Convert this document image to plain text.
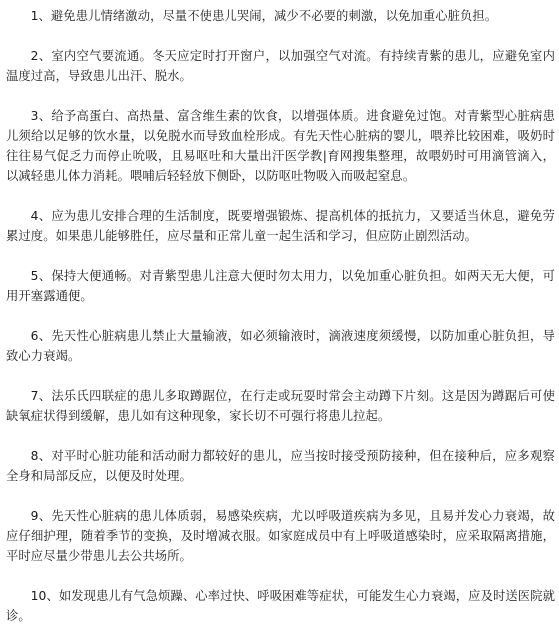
1、避免患儿情绪激动，尽量不使患儿哭闹，减少不必要的刺激，以免加重心脏负担。

2、室内空气要流通。冬天应定时打开窗户，以加强空气对流。有持续青紫的患儿，应避免室内温度过高，导致患儿出汗、脱水。

3、给予高蛋白、高热量、富含维生素的饮食，以增强体质。进食避免过饱。对青紫型心脏病患儿须给以足够的饮水量，以免脱水而导致血栓形成。有先天性心脏病的婴儿，喂养比较困难，吸奶时往往易气促乏力而停止吮吸，且易呕吐和大量出汗医学教|育网搜集整理，故喂奶时可用滴管滴入，以减轻患儿体力消耗。喂哺后轻轻放下侧卧，以防呕吐物吸入而吸起窒息。

4、应为患儿安排合理的生活制度，既要增强锻炼、提高机体的抵抗力，又要适当休息，避免劳累过度。如果患儿能够胜任，应尽量和正常儿童一起生活和学习，但应防止剧烈活动。

5、保持大便通畅。对青紫型患儿注意大便时勿太用力，以免加重心脏负担。如两天无大便，可用开塞露通便。

6、先天性心脏病患儿禁止大量输液，如必须输液时，滴液速度须缓慢，以防加重心脏负担，导致心力衰竭。

7、法乐氏四联症的患儿多取蹲踞位，在行走或玩耍时常会主动蹲下片刻。这是因为蹲踞后可使缺氧症状得到缓解，患儿如有这种现象，家长切不可强行将患儿拉起。

8、对平时心脏功能和活动耐力都较好的患儿，应当按时接受预防接种，但在接种后，应多观察全身和局部反应，以便及时处理。

9、先天性心脏病的患儿体质弱，易感染疾病，尤以呼吸道疾病为多见，且易并发心力衰竭，故应仔细护理，随着季节的变换，及时增减衣服。如家庭成员中有上呼吸道感染时，应采取隔离措施，平时应尽量少带患儿去公共场所。

10、如发现患儿有气急烦躁、心率过快、呼吸困难等症状，可能发生心力衰竭，应及时送医院就诊。
